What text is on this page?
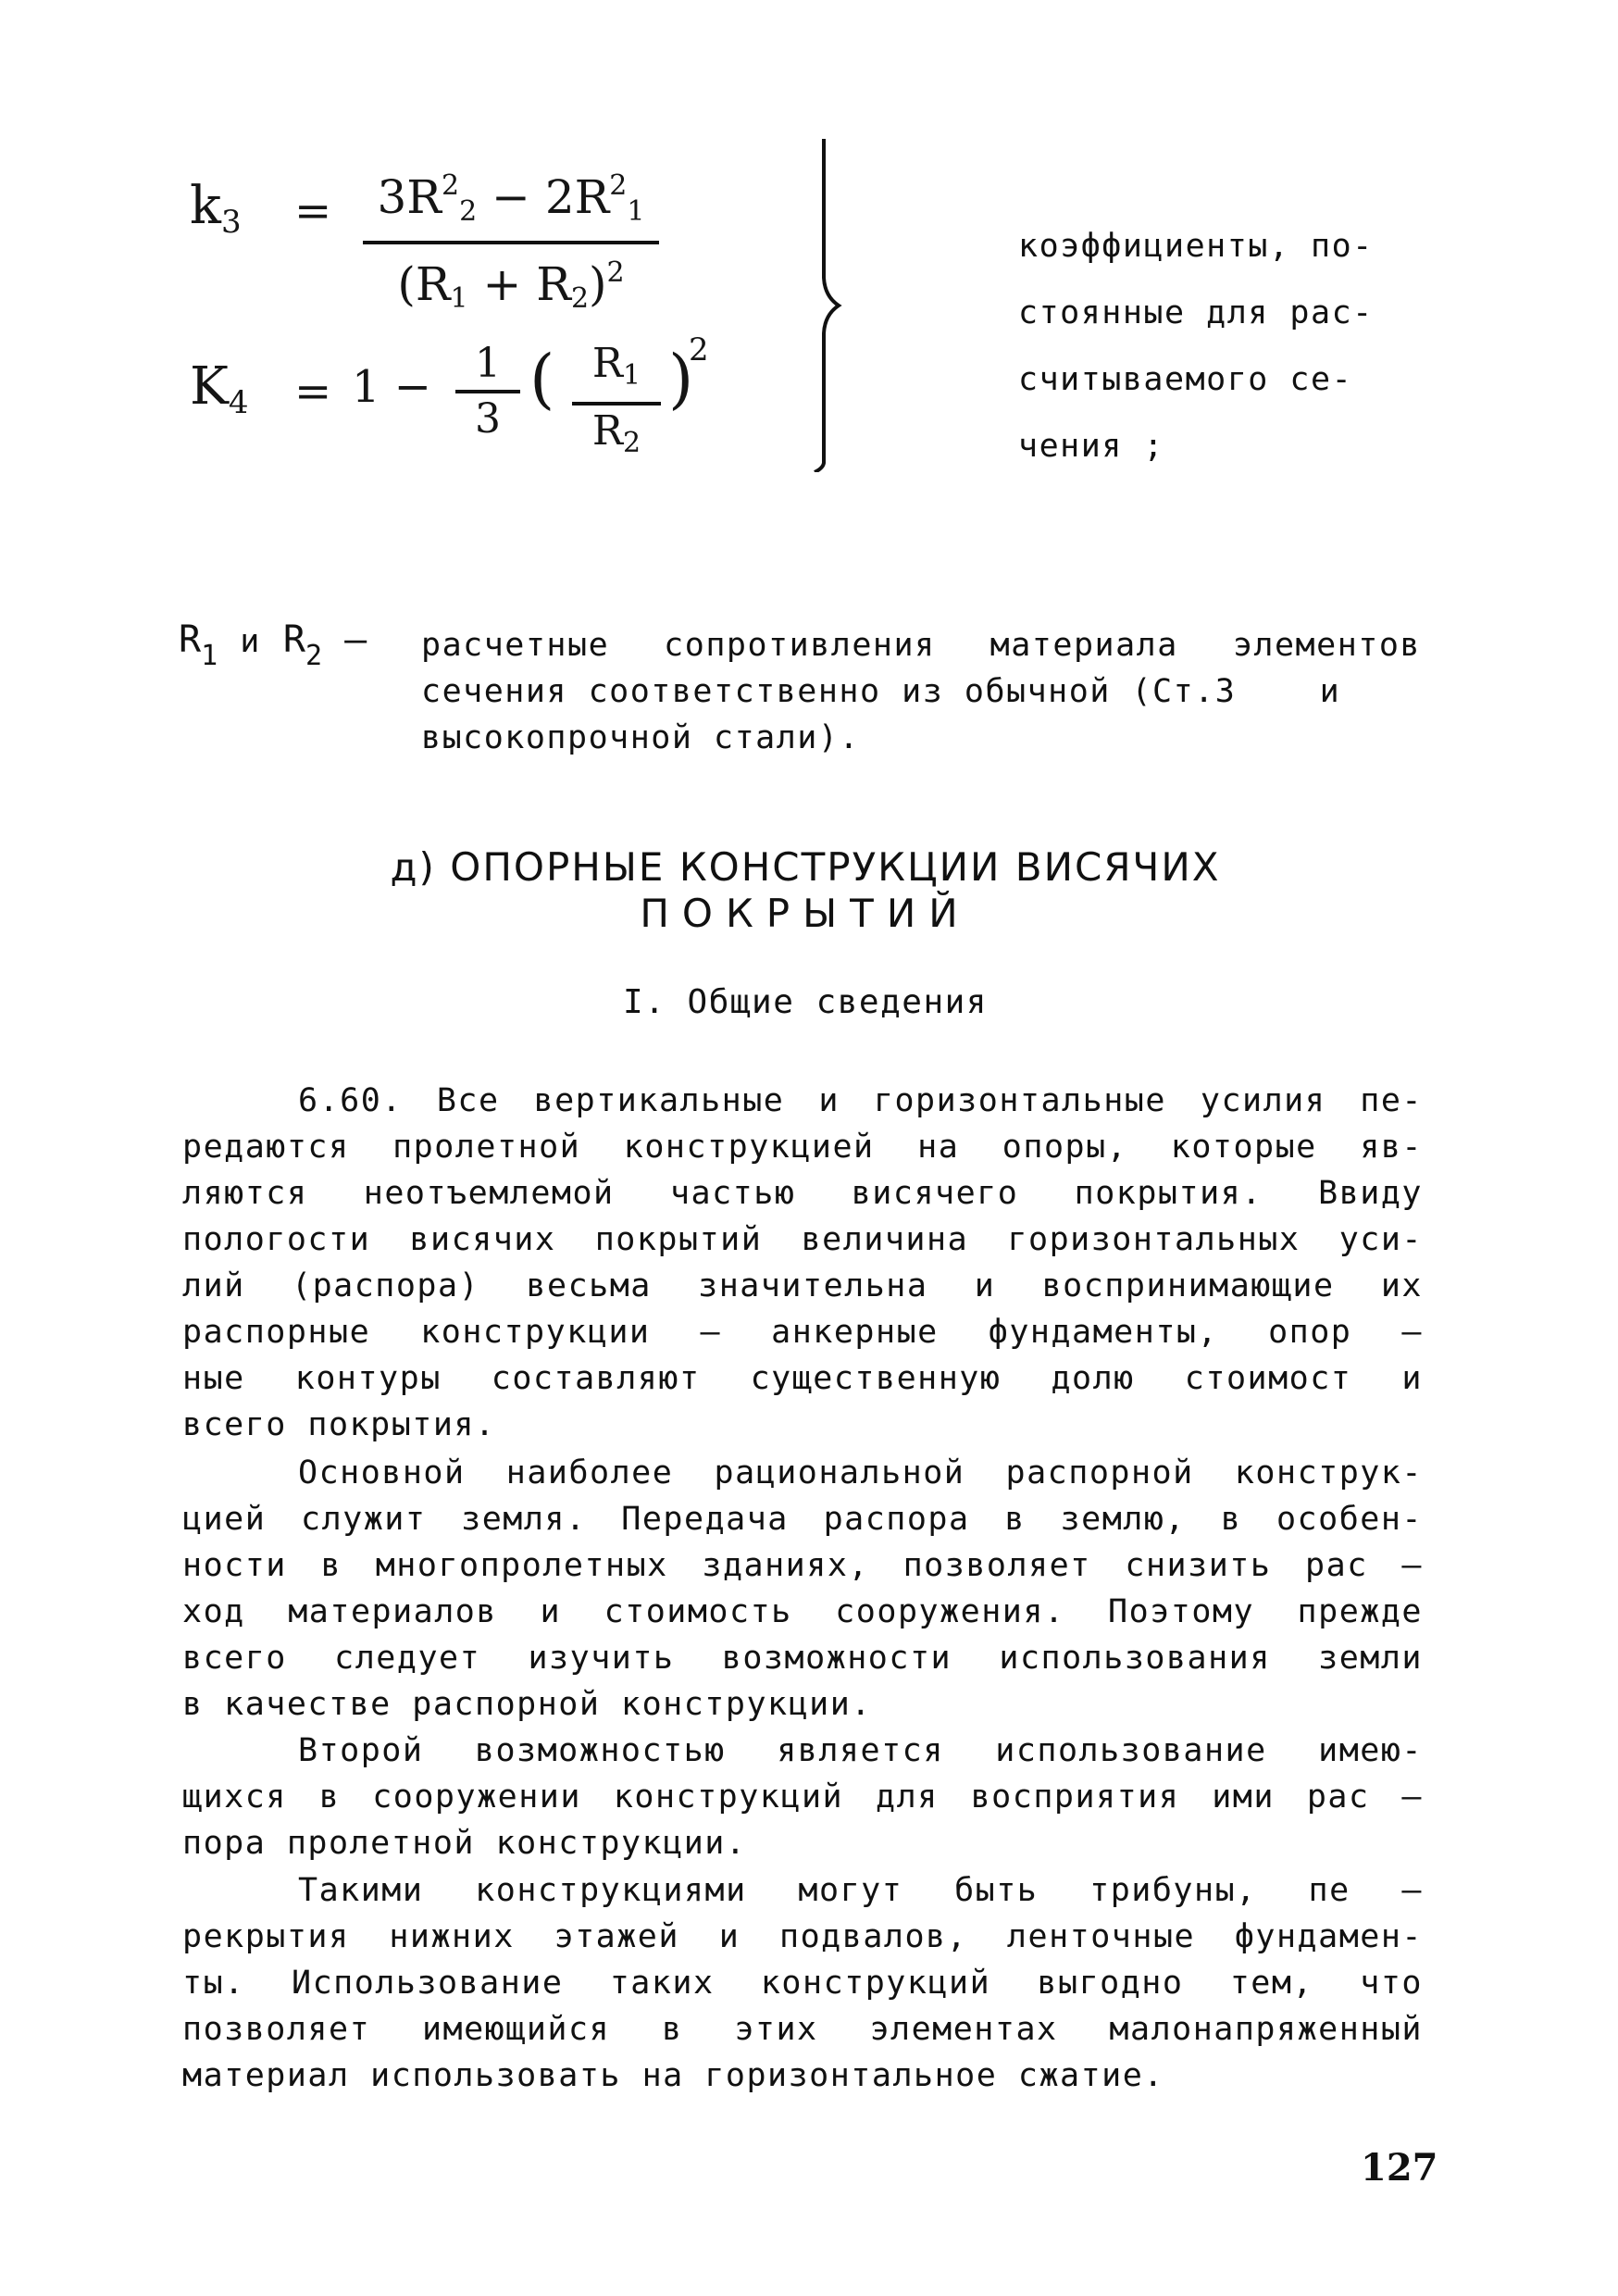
$k_3 = \frac{3R^2_2 - 2R^2_1}{(R_1 + R_2)^2}$
$K_4 = 1 - \frac{1}{3}$ ( $\frac{R_1}{R_2}$ )
2
коэффициенты, по-
стоянные для рас-
считываемого се-
чения ;
$R_1$ и $R_2$ – расчетные сопротивления материала элементов
сечения соответственно из обычной (Ст.3    и
высокопрочной стали).
д) ОПОРНЫЕ КОНСТРУКЦИИ ВИСЯЧИХ
ПОКРЫТИЙ
I. Общие сведения
6.60. Все вертикальные и горизонтальные усилия пе-
редаются пролетной конструкцией на опоры, которые яв-
ляются неотъемлемой частью висячего покрытия. Ввиду
пологости висячих покрытий величина горизонтальных уси-
лий (распора) весьма значительна и воспринимающие их
распорные конструкции – анкерные фундаменты, опор –
ные контуры составляют существенную долю стоимост и
всего покрытия.
Основной наиболее рациональной распорной конструк-
цией служит земля. Передача распора в землю, в особен-
ности в многопролетных зданиях, позволяет снизить рас –
ход материалов и стоимость сооружения. Поэтому прежде
всего следует изучить возможности использования земли
в качестве распорной конструкции.
Второй возможностью является использование имею-
щихся в сооружении конструкций для восприятия ими рас –
пора пролетной конструкции.
Такими конструкциями могут быть трибуны, пе –
рекрытия нижних этажей и подвалов, ленточные фундамен-
ты. Использование таких конструкций выгодно тем, что
позволяет имеющийся в этих элементах малонапряженный
материал использовать на горизонтальное сжатие.
127
